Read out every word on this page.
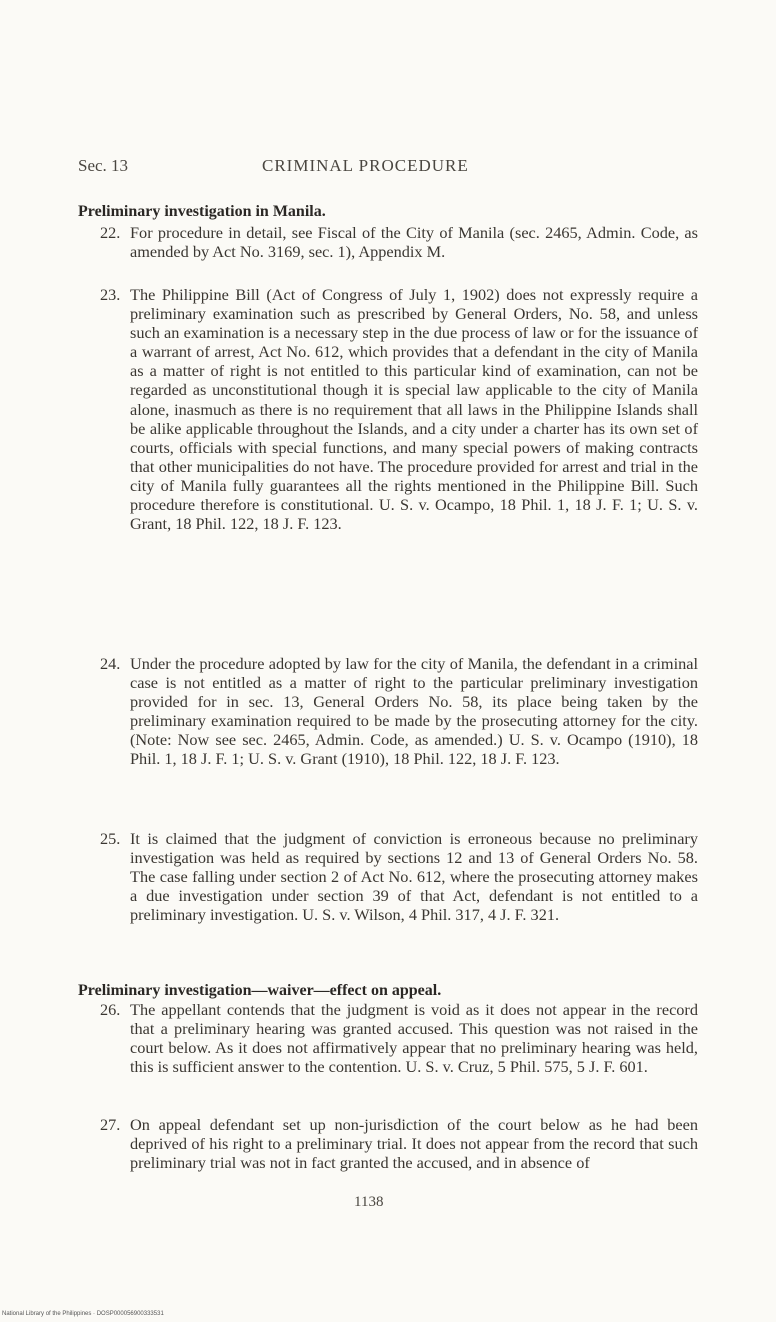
Sec. 13	CRIMINAL PROCEDURE
Preliminary investigation in Manila.
22. For procedure in detail, see Fiscal of the City of Manila (sec. 2465, Admin. Code, as amended by Act No. 3169, sec. 1), Appendix M.
23. The Philippine Bill (Act of Congress of July 1, 1902) does not expressly require a preliminary examination such as prescribed by General Orders, No. 58, and unless such an examination is a necessary step in the due process of law or for the issuance of a warrant of arrest, Act No. 612, which provides that a defendant in the city of Manila as a matter of right is not entitled to this particular kind of examination, can not be regarded as unconstitutional though it is special law applicable to the city of Manila alone, inasmuch as there is no requirement that all laws in the Philippine Islands shall be alike applicable throughout the Islands, and a city under a charter has its own set of courts, officials with special functions, and many special powers of making contracts that other municipalities do not have. The procedure provided for arrest and trial in the city of Manila fully guarantees all the rights mentioned in the Philippine Bill. Such procedure therefore is constitutional. U. S. v. Ocampo, 18 Phil. 1, 18 J. F. 1; U. S. v. Grant, 18 Phil. 122, 18 J. F. 123.
24. Under the procedure adopted by law for the city of Manila, the defendant in a criminal case is not entitled as a matter of right to the particular preliminary investigation provided for in sec. 13, General Orders No. 58, its place being taken by the preliminary examination required to be made by the prosecuting attorney for the city. (Note: Now see sec. 2465, Admin. Code, as amended.) U. S. v. Ocampo (1910), 18 Phil. 1, 18 J. F. 1; U. S. v. Grant (1910), 18 Phil. 122, 18 J. F. 123.
25. It is claimed that the judgment of conviction is erroneous because no preliminary investigation was held as required by sections 12 and 13 of General Orders No. 58. The case falling under section 2 of Act No. 612, where the prosecuting attorney makes a due investigation under section 39 of that Act, defendant is not entitled to a preliminary investigation. U. S. v. Wilson, 4 Phil. 317, 4 J. F. 321.
Preliminary investigation—waiver—effect on appeal.
26. The appellant contends that the judgment is void as it does not appear in the record that a preliminary hearing was granted accused. This question was not raised in the court below. As it does not affirmatively appear that no preliminary hearing was held, this is sufficient answer to the contention. U. S. v. Cruz, 5 Phil. 575, 5 J. F. 601.
27. On appeal defendant set up non-jurisdiction of the court below as he had been deprived of his right to a preliminary trial. It does not appear from the record that such preliminary trial was not in fact granted the accused, and in absence of
1138
National Library of the Philippines · DOSP000056900333531
